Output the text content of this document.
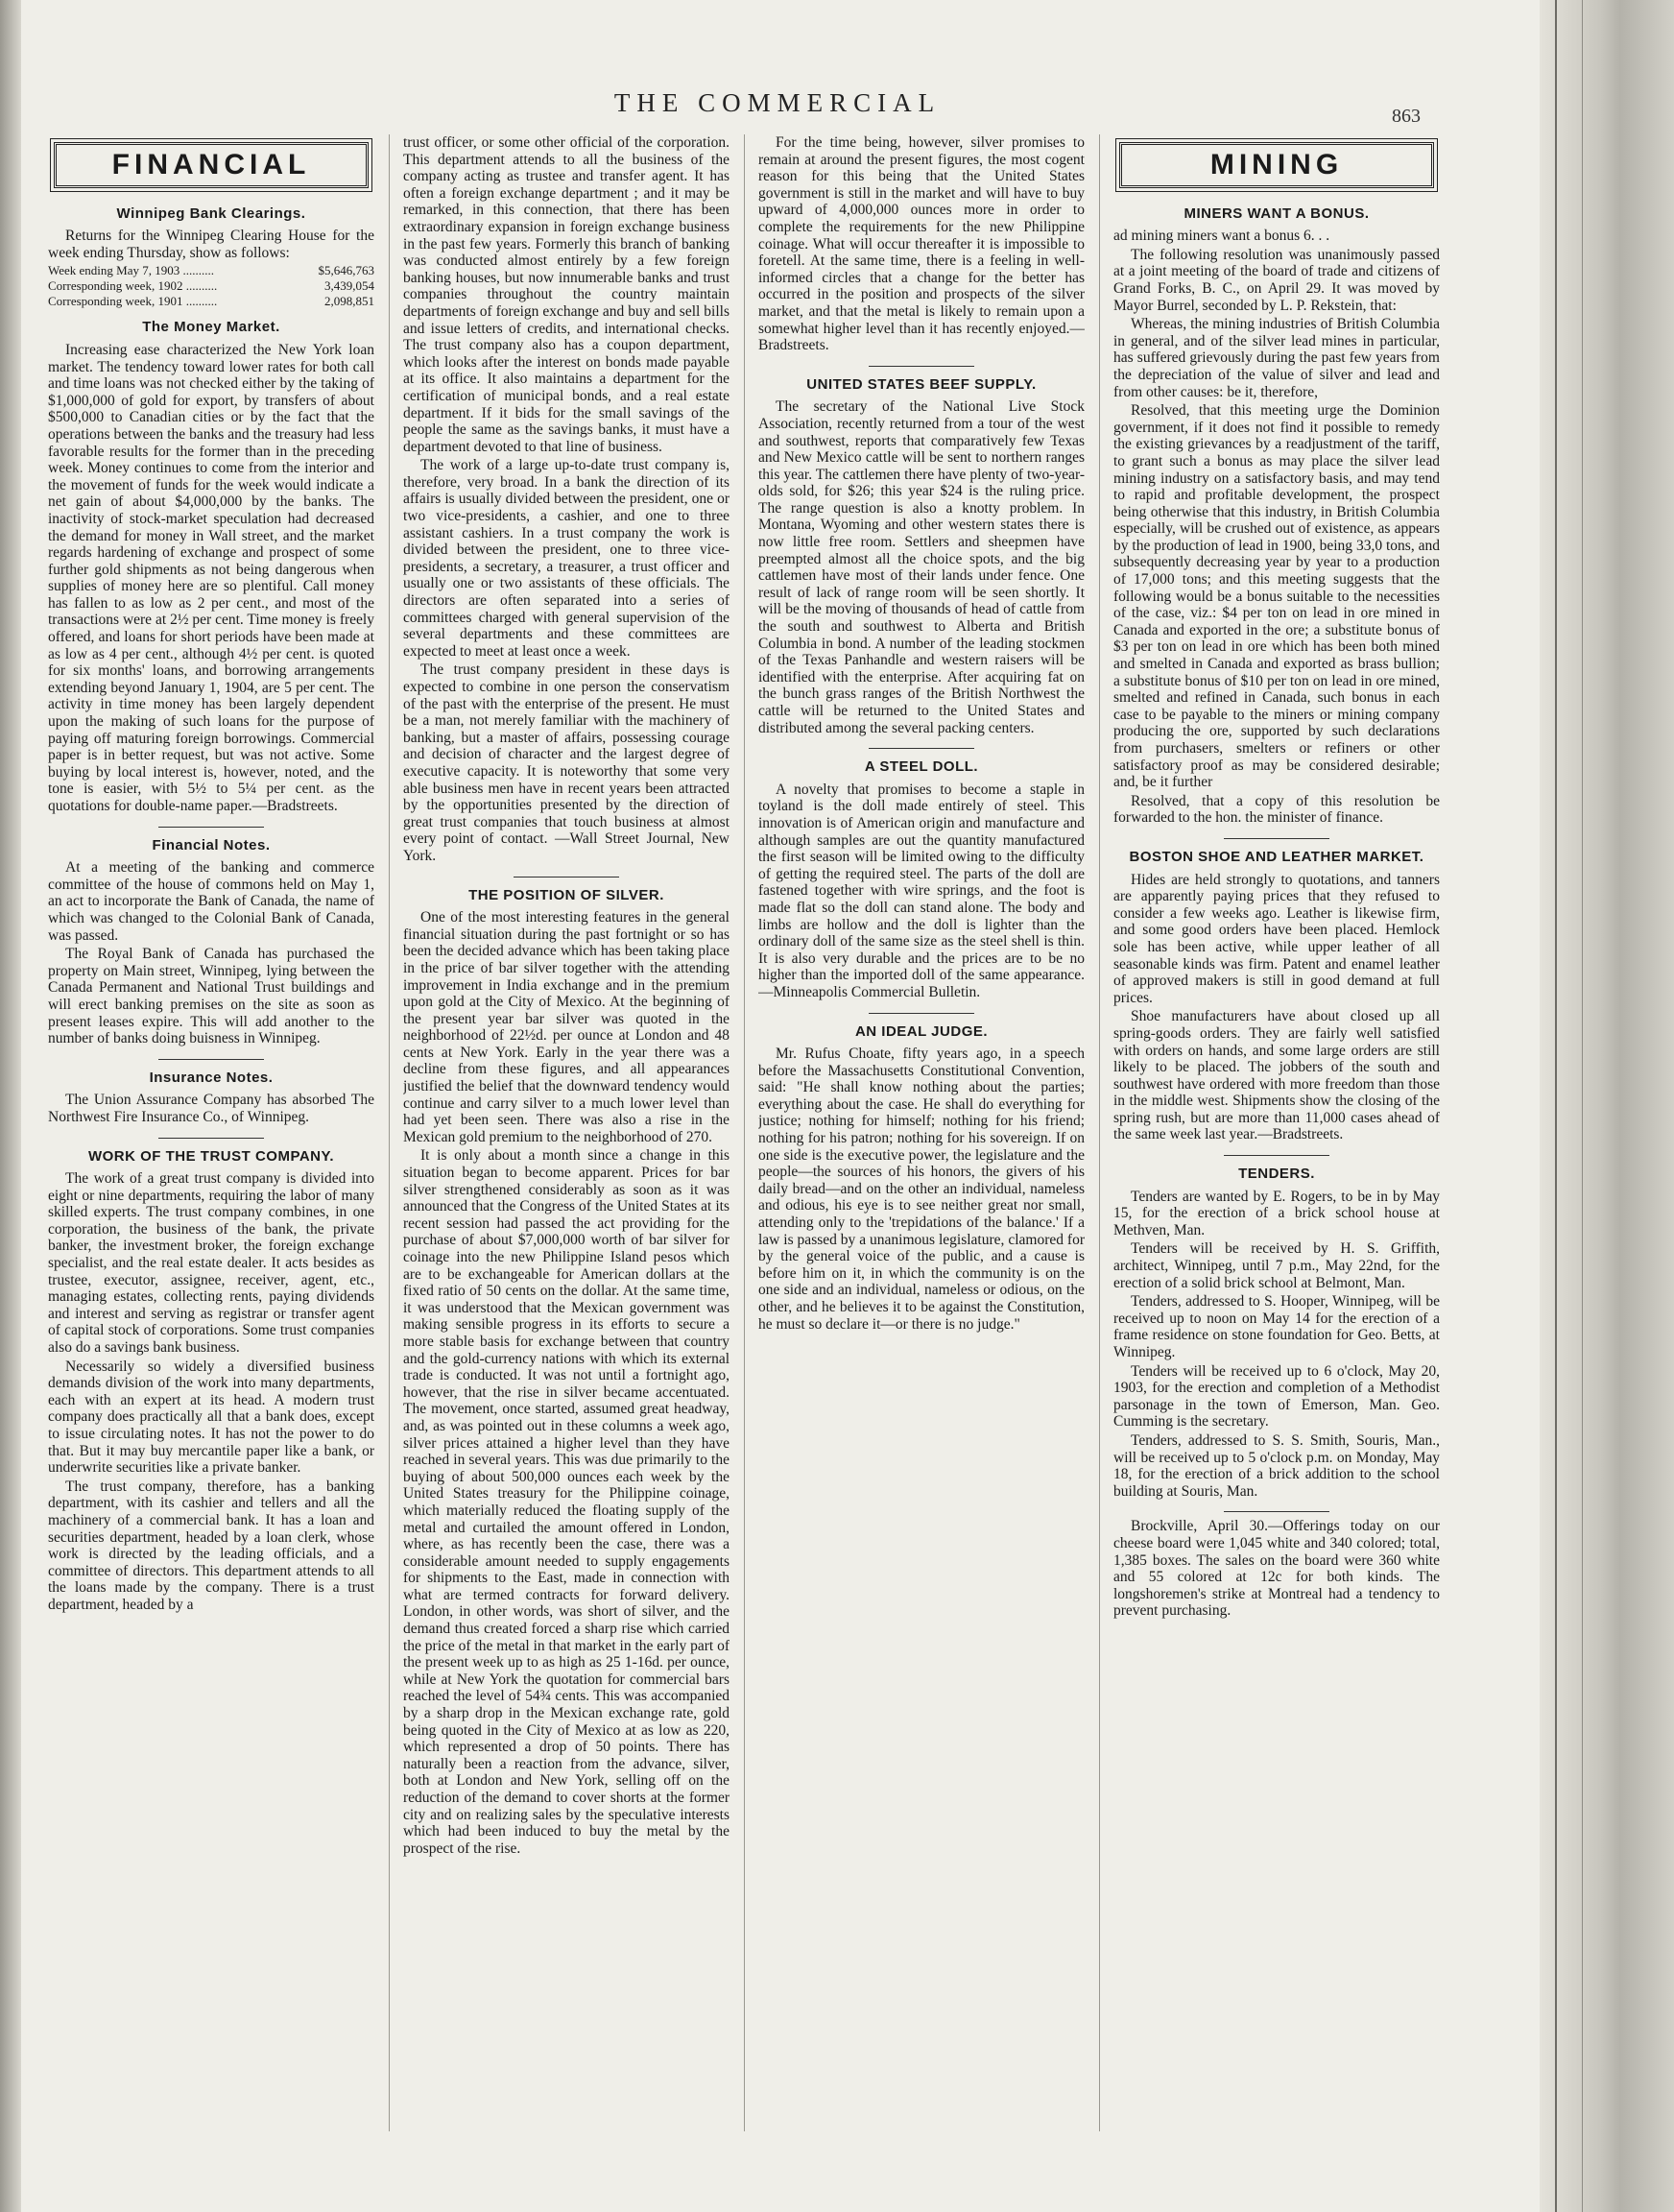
THE COMMERCIAL	863
FINANCIAL
Winnipeg Bank Clearings.

Returns for the Winnipeg Clearing House for the week ending Thursday, show as follows:

Week ending May 7, 1903 ..........	$5,646,763
Corresponding week, 1902 ..........	3,439,054
Corresponding week, 1901 ..........	2,098,851
The Money Market.

Increasing ease characterized the New York loan market. The tendency toward lower rates for both call and time loans was not checked either by the taking of $1,000,000 of gold for export, by transfers of about $500,000 to Canadian cities or by the fact that the operations between the banks and the treasury had less favorable results for the former than in the preceding week. Money continues to come from the interior and the movement of funds for the week would indicate a net gain of about $4,000,000 by the banks. The inactivity of stock-market speculation had decreased the demand for money in Wall street, and the market regards hardening of exchange and prospect of some further gold shipments as not being dangerous when supplies of money here are so plentiful. Call money has fallen to as low as 2 per cent., and most of the transactions were at 2½ per cent. Time money is freely offered, and loans for short periods have been made at as low as 4 per cent., although 4½ per cent. is quoted for six months' loans, and borrowing arrangements extending beyond January 1, 1904, are 5 per cent. The activity in time money has been largely dependent upon the making of such loans for the purpose of paying off maturing foreign borrowings. Commercial paper is in better request, but was not active. Some buying by local interest is, however, noted, and the tone is easier, with 5½ to 5¼ per cent. as the quotations for double-name paper.—Bradstreets.

Financial Notes.

At a meeting of the banking and commerce committee of the house of commons held on May 1, an act to incorporate the Bank of Canada, the name of which was changed to the Colonial Bank of Canada, was passed.

The Royal Bank of Canada has purchased the property on Main street, Winnipeg, lying between the Canada Permanent and National Trust buildings and will erect banking premises on the site as soon as present leases expire. This will add another to the number of banks doing buisness in Winnipeg.

Insurance Notes.

The Union Assurance Company has absorbed The Northwest Fire Insurance Co., of Winnipeg.

WORK OF THE TRUST COMPANY.

The work of a great trust company is divided into eight or nine departments, requiring the labor of many skilled experts. The trust company combines, in one corporation, the business of the bank, the private banker, the investment broker, the foreign exchange specialist, and the real estate dealer. It acts besides as trustee, executor, assignee, receiver, agent, etc., managing estates, collecting rents, paying dividends and interest and serving as registrar or transfer agent of capital stock of corporations. Some trust companies also do a savings bank business.

Necessarily so widely a diversified business demands division of the work into many departments, each with an expert at its head. A modern trust company does practically all that a bank does, except to issue circulating notes. It has not the power to do that. But it may buy mercantile paper like a bank, or underwrite securities like a private banker.

The trust company, therefore, has a banking department, with its cashier and tellers and all the machinery of a commercial bank. It has a loan and securities department, headed by a loan clerk, whose work is directed by the leading officials, and a committee of directors. This department attends to all the loans made by the company. There is a trust department, headed by a

trust officer, or some other official of the corporation. This department attends to all the business of the company acting as trustee and transfer agent. It has often a foreign exchange department ; and it may be remarked, in this connection, that there has been extraordinary expansion in foreign exchange business in the past few years. Formerly this branch of banking was conducted almost entirely by a few foreign banking houses, but now innumerable banks and trust companies throughout the country maintain departments of foreign exchange and buy and sell bills and issue letters of credits, and international checks. The trust company also has a coupon department, which looks after the interest on bonds made payable at its office. It also maintains a department for the certification of municipal bonds, and a real estate department. If it bids for the small savings of the people the same as the savings banks, it must have a department devoted to that line of business.

The work of a large up-to-date trust company is, therefore, very broad. In a bank the direction of its affairs is usually divided between the president, one or two vice-presidents, a cashier, and one to three assistant cashiers. In a trust company the work is divided between the president, one to three vice-presidents, a secretary, a treasurer, a trust officer and usually one or two assistants of these officials. The directors are often separated into a series of committees charged with general supervision of the several departments and these committees are expected to meet at least once a week.

The trust company president in these days is expected to combine in one person the conservatism of the past with the enterprise of the present. He must be a man, not merely familiar with the machinery of banking, but a master of affairs, possessing courage and decision of character and the largest degree of executive capacity. It is noteworthy that some very able business men have in recent years been attracted by the opportunities presented by the direction of great trust companies that touch business at almost every point of contact. —Wall Street Journal, New York.

THE POSITION OF SILVER.

One of the most interesting features in the general financial situation during the past fortnight or so has been the decided advance which has been taking place in the price of bar silver together with the attending improvement in India exchange and in the premium upon gold at the City of Mexico. At the beginning of the present year bar silver was quoted in the neighborhood of 22½d. per ounce at London and 48 cents at New York. Early in the year there was a decline from these figures, and all appearances justified the belief that the downward tendency would continue and carry silver to a much lower level than had yet been seen. There was also a rise in the Mexican gold premium to the neighborhood of 270.

It is only about a month since a change in this situation began to become apparent. Prices for bar silver strengthened considerably as soon as it was announced that the Congress of the United States at its recent session had passed the act providing for the purchase of about $7,000,000 worth of bar silver for coinage into the new Philippine Island pesos which are to be exchangeable for American dollars at the fixed ratio of 50 cents on the dollar. At the same time, it was understood that the Mexican government was making sensible progress in its efforts to secure a more stable basis for exchange between that country and the gold-currency nations with which its external trade is conducted. It was not until a fortnight ago, however, that the rise in silver became accentuated. The movement, once started, assumed great headway, and, as was pointed out in these columns a week ago, silver prices attained a higher level than they have reached in several years. This was due primarily to the buying of about 500,000 ounces each week by the United States treasury for the Philippine coinage, which materially reduced the floating supply of the metal and curtailed the amount offered in London, where, as has recently been the case, there was a considerable amount needed to supply engagements for shipments to the East, made in connection with what are termed contracts for forward delivery. London, in other words, was short of silver, and the demand thus created forced a sharp rise which carried the price of the metal in that market in the early part of the present week up to as high as 25 1-16d. per ounce, while at New York the quotation for commercial bars reached the level of 54¾ cents. This was accompanied by a sharp drop in the Mexican exchange rate, gold being quoted in the City of Mexico at as low as 220, which represented a drop of 50 points. There has naturally been a reaction from the advance, silver, both at London and New York, selling off on the reduction of the demand to cover shorts at the former city and on realizing sales by the speculative interests which had been induced to buy the metal by the prospect of the rise.

For the time being, however, silver promises to remain at around the present figures, the most cogent reason for this being that the United States government is still in the market and will have to buy upward of 4,000,000 ounces more in order to complete the requirements for the new Philippine coinage. What will occur thereafter it is impossible to foretell. At the same time, there is a feeling in well-informed circles that a change for the better has occurred in the position and prospects of the silver market, and that the metal is likely to remain upon a somewhat higher level than it has recently enjoyed.—Bradstreets.

UNITED STATES BEEF SUPPLY.

The secretary of the National Live Stock Association, recently returned from a tour of the west and southwest, reports that comparatively few Texas and New Mexico cattle will be sent to northern ranges this year. The cattlemen there have plenty of two-year-olds sold, for $26; this year $24 is the ruling price. The range question is also a knotty problem. In Montana, Wyoming and other western states there is now little free room. Settlers and sheepmen have preempted almost all the choice spots, and the big cattlemen have most of their lands under fence. One result of lack of range room will be seen shortly. It will be the moving of thousands of head of cattle from the south and southwest to Alberta and British Columbia in bond. A number of the leading stockmen of the Texas Panhandle and western raisers will be identified with the enterprise. After acquiring fat on the bunch grass ranges of the British Northwest the cattle will be returned to the United States and distributed among the several packing centers.

A STEEL DOLL.

A novelty that promises to become a staple in toyland is the doll made entirely of steel. This innovation is of American origin and manufacture and although samples are out the quantity manufactured the first season will be limited owing to the difficulty of getting the required steel. The parts of the doll are fastened together with wire springs, and the foot is made flat so the doll can stand alone. The body and limbs are hollow and the doll is lighter than the ordinary doll of the same size as the steel shell is thin. It is also very durable and the prices are to be no higher than the imported doll of the same appearance. —Minneapolis Commercial Bulletin.

AN IDEAL JUDGE.

Mr. Rufus Choate, fifty years ago, in a speech before the Massachusetts Constitutional Convention, said: "He shall know nothing about the parties; everything about the case. He shall do everything for justice; nothing for himself; nothing for his friend; nothing for his patron; nothing for his sovereign. If on one side is the executive power, the legislature and the people—the sources of his honors, the givers of his daily bread—and on the other an individual, nameless and odious, his eye is to see neither great nor small, attending only to the 'trepidations of the balance.' If a law is passed by a unanimous legislature, clamored for by the general voice of the public, and a cause is before him on it, in which the community is on the one side and an individual, nameless or odious, on the other, and he believes it to be against the Constitution, he must so declare it—or there is no judge."

MINING
MINERS WANT A BONUS.

ad mining miners want a bonus 6. . .

The following resolution was unanimously passed at a joint meeting of the board of trade and citizens of Grand Forks, B. C., on April 29. It was moved by Mayor Burrel, seconded by L. P. Rekstein, that:

Whereas, the mining industries of British Columbia in general, and of the silver lead mines in particular, has suffered grievously during the past few years from the depreciation of the value of silver and lead and from other causes: be it, therefore,

Resolved, that this meeting urge the Dominion government, if it does not find it possible to remedy the existing grievances by a readjustment of the tariff, to grant such a bonus as may place the silver lead mining industry on a satisfactory basis, and may tend to rapid and profitable development, the prospect being otherwise that this industry, in British Columbia especially, will be crushed out of existence, as appears by the production of lead in 1900, being 33,0 tons, and subsequently decreasing year by year to a production of 17,000 tons; and this meeting suggests that the following would be a bonus suitable to the necessities of the case, viz.: $4 per ton on lead in ore mined in Canada and exported in the ore; a substitute bonus of $3 per ton on lead in ore which has been both mined and smelted in Canada and exported as brass bullion; a substitute bonus of $10 per ton on lead in ore mined, smelted and refined in Canada, such bonus in each case to be payable to the miners or mining company producing the ore, supported by such declarations from purchasers, smelters or refiners or other satisfactory proof as may be considered desirable; and, be it further

Resolved, that a copy of this resolution be forwarded to the hon. the minister of finance.

BOSTON SHOE AND LEATHER MARKET.

Hides are held strongly to quotations, and tanners are apparently paying prices that they refused to consider a few weeks ago. Leather is likewise firm, and some good orders have been placed. Hemlock sole has been active, while upper leather of all seasonable kinds was firm. Patent and enamel leather of approved makers is still in good demand at full prices.

Shoe manufacturers have about closed up all spring-goods orders. They are fairly well satisfied with orders on hands, and some large orders are still likely to be placed. The jobbers of the south and southwest have ordered with more freedom than those in the middle west. Shipments show the closing of the spring rush, but are more than 11,000 cases ahead of the same week last year.—Bradstreets.

TENDERS.

Tenders are wanted by E. Rogers, to be in by May 15, for the erection of a brick school house at Methven, Man.

Tenders will be received by H. S. Griffith, architect, Winnipeg, until 7 p.m., May 22nd, for the erection of a solid brick school at Belmont, Man.

Tenders, addressed to S. Hooper, Winnipeg, will be received up to noon on May 14 for the erection of a frame residence on stone foundation for Geo. Betts, at Winnipeg.

Tenders will be received up to 6 o'clock, May 20, 1903, for the erection and completion of a Methodist parsonage in the town of Emerson, Man. Geo. Cumming is the secretary.

Tenders, addressed to S. S. Smith, Souris, Man., will be received up to 5 o'clock p.m. on Monday, May 18, for the erection of a brick addition to the school building at Souris, Man.

Brockville, April 30.—Offerings today on our cheese board were 1,045 white and 340 colored; total, 1,385 boxes. The sales on the board were 360 white and 55 colored at 12c for both kinds. The longshoremen's strike at Montreal had a tendency to prevent purchasing.
